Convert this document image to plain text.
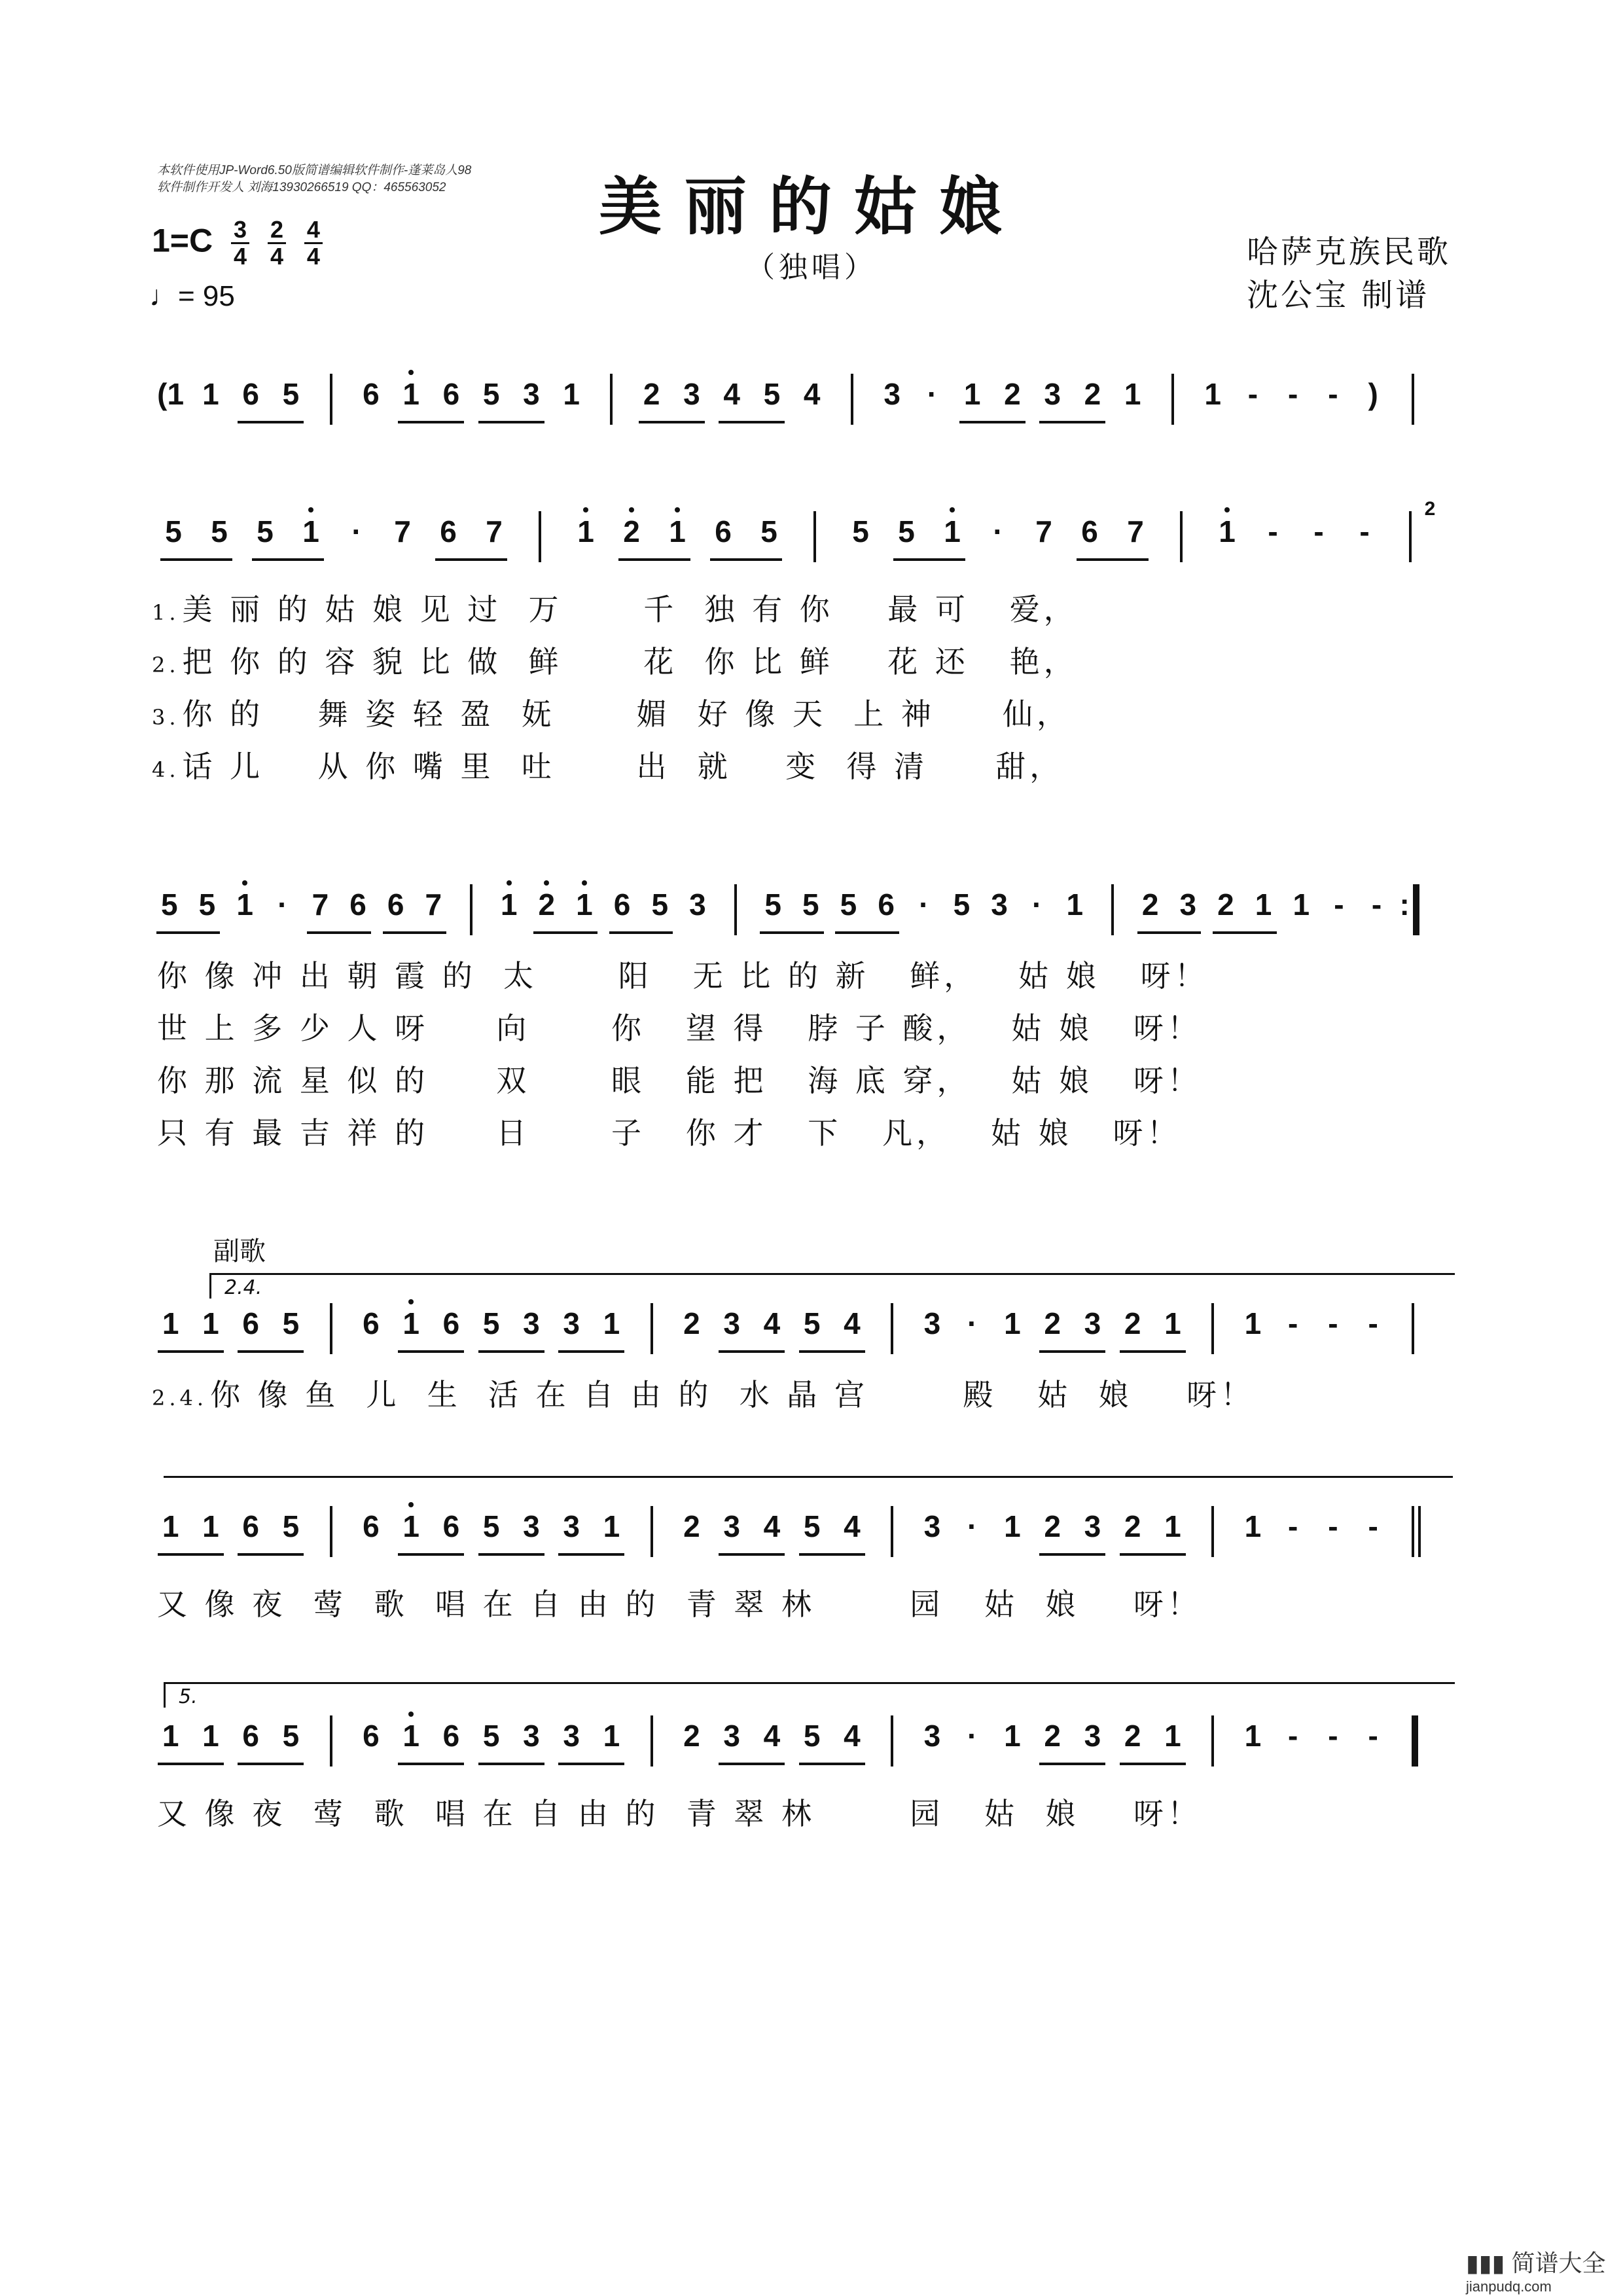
本软件使用JP-Word6.50版简谱编辑软件制作-蓬莱岛人98
软件制作开发人 刘海13930266519 QQ：465563052	美丽的姑娘
（独唱）
$1=C \frac{3}{4}$
$\frac{2}{4}$
$\frac{4}{4}$
♩= 95
哈萨克族民歌
沈公宝 制谱
(1 1 6 5 6 1 6 5 3 1 2 3 4 5 4 3 · 1 2 3 2 1 1 - - - )
5 5 5 1	·	7 6 7 1 2 1 6 5 5 5 1	·	7 6 7 1	-	-	-
2
5 5 1 · 7 6 6 7 1 2 1 6 5 3 5 5 5 6 · 5 3 · 1 2 3 2 1 1 - - :
1 1 6 5 6 1 6 5 3 3 1 2 3 4 5 4 3 · 1 2 3 2 1 1 - - -
1 1 6 5 6 1 6 5 3 3 1 2 3 4 5 4 3 · 1 2 3 2 1 1 - - -
1 1 6 5 6 1 6 5 3 3 1 2 3 4 5 4 3 · 1 2 3 2 1 1 - - -
1.美 丽 的 姑 娘 见 过  万      千  独 有 你    最 可   爱，
2.把 你 的 容 貌 比 做  鲜      花  你 比 鲜    花 还   艳，
3.你 的    舞 姿 轻 盈  妩      媚  好 像 天  上 神     仙，
4.话 儿    从 你 嘴 里  吐      出  就    变  得 清     甜，
你 像 冲 出 朝 霞 的  太      阳   无 比 的 新   鲜，   姑 娘   呀！
世 上 多 少 人 呀     向      你   望 得   脖 子 酸，   姑 娘   呀！
你 那 流 星 似 的     双      眼   能 把   海 底 穿，   姑 娘   呀！
只 有 最 吉 祥 的     日      子   你 才   下   凡，   姑 娘   呀！
副歌
2.4.
2.4.你 像 鱼  儿  生  活 在 自 由 的  水 晶 宫       殿   姑  娘    呀！
又 像 夜  莺  歌  唱 在 自 由 的  青 翠 林       园   姑  娘    呀！
5.
又 像 夜  莺  歌  唱 在 自 由 的  青 翠 林       园   姑  娘    呀！
▮▮▮ 简谱大全
jianpudq.com
